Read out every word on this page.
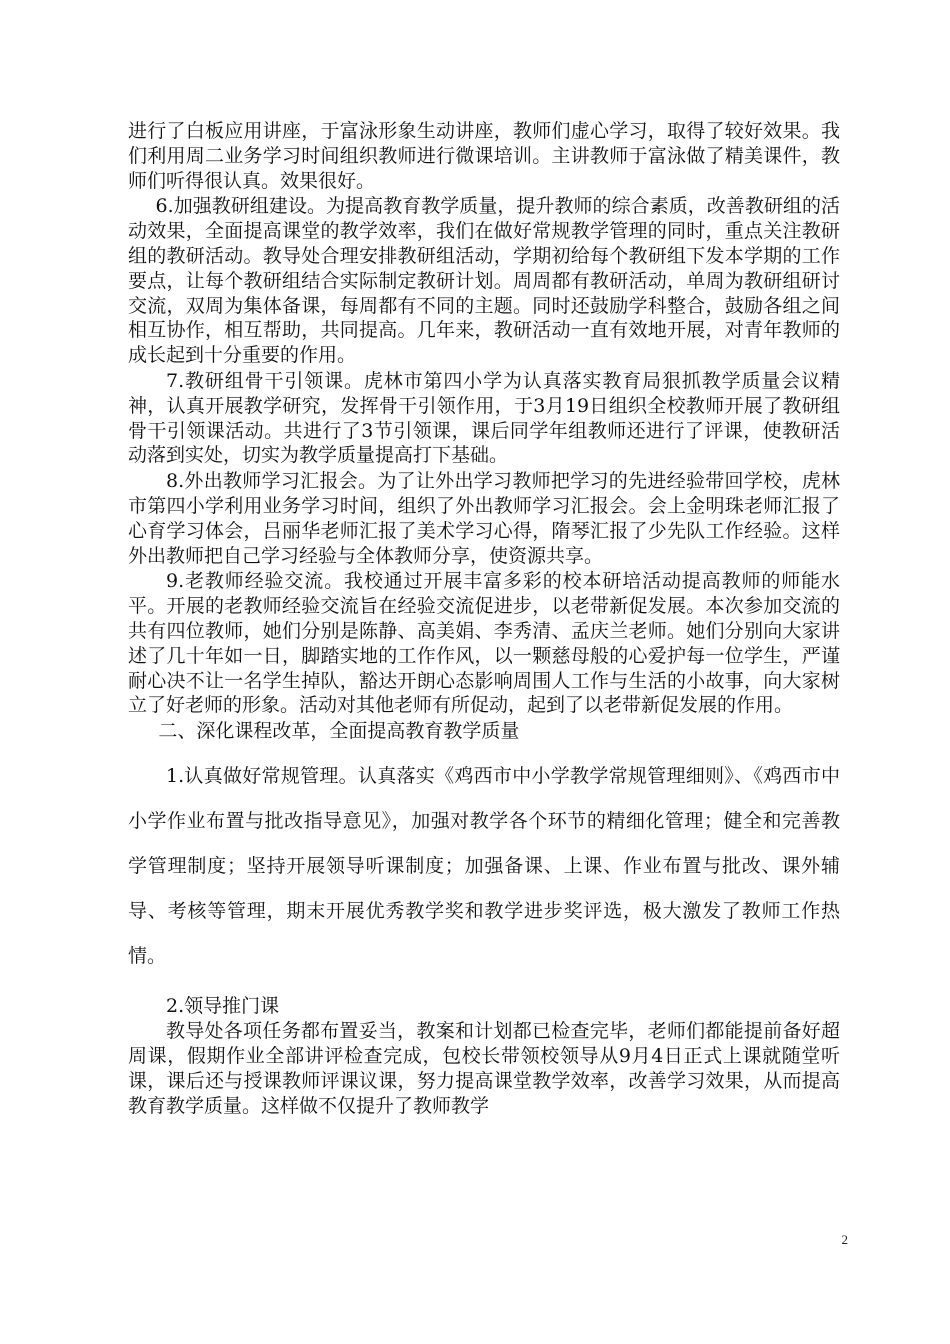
进行了白板应用讲座，于富泳形象生动讲座，教师们虚心学习，取得了较好效果。我们利用周二业务学习时间组织教师进行微课培训。主讲教师于富泳做了精美课件，教师们听得很认真。效果很好。

6.加强教研组建设。为提高教育教学质量，提升教师的综合素质，改善教研组的活动效果，全面提高课堂的教学效率，我们在做好常规教学管理的同时，重点关注教研组的教研活动。教导处合理安排教研组活动，学期初给每个教研组下发本学期的工作要点，让每个教研组结合实际制定教研计划。周周都有教研活动，单周为教研组研讨交流，双周为集体备课，每周都有不同的主题。同时还鼓励学科整合，鼓励各组之间相互协作，相互帮助，共同提高。几年来，教研活动一直有效地开展，对青年教师的成长起到十分重要的作用。

7.教研组骨干引领课。虎林市第四小学为认真落实教育局狠抓教学质量会议精神，认真开展教学研究，发挥骨干引领作用，于3月19日组织全校教师开展了教研组骨干引领课活动。共进行了3节引领课，课后同学年组教师还进行了评课，使教研活动落到实处，切实为教学质量提高打下基础。

8.外出教师学习汇报会。为了让外出学习教师把学习的先进经验带回学校，虎林市第四小学利用业务学习时间，组织了外出教师学习汇报会。会上金明珠老师汇报了心育学习体会，吕丽华老师汇报了美术学习心得，隋琴汇报了少先队工作经验。这样外出教师把自己学习经验与全体教师分享，使资源共享。

9.老教师经验交流。我校通过开展丰富多彩的校本研培活动提高教师的师能水平。开展的老教师经验交流旨在经验交流促进步，以老带新促发展。本次参加交流的共有四位教师，她们分别是陈静、高美娟、李秀清、孟庆兰老师。她们分别向大家讲述了几十年如一日，脚踏实地的工作作风，以一颗慈母般的心爱护每一位学生，严谨耐心决不让一名学生掉队，豁达开朗心态影响周围人工作与生活的小故事，向大家树立了好老师的形象。活动对其他老师有所促动，起到了以老带新促发展的作用。

二、深化课程改革，全面提高教育教学质量

1.认真做好常规管理。认真落实《鸡西市中小学教学常规管理细则》、《鸡西市中小学作业布置与批改指导意见》，加强对教学各个环节的精细化管理；健全和完善教学管理制度；坚持开展领导听课制度；加强备课、上课、作业布置与批改、课外辅导、考核等管理，期末开展优秀教学奖和教学进步奖评选，极大激发了教师工作热情。

2.领导推门课

教导处各项任务都布置妥当，教案和计划都已检查完毕，老师们都能提前备好超周课，假期作业全部讲评检查完成，包校长带领校领导从9月4日正式上课就随堂听课，课后还与授课教师评课议课，努力提高课堂教学效率，改善学习效果，从而提高教育教学质量。这样做不仅提升了教师教学

2
